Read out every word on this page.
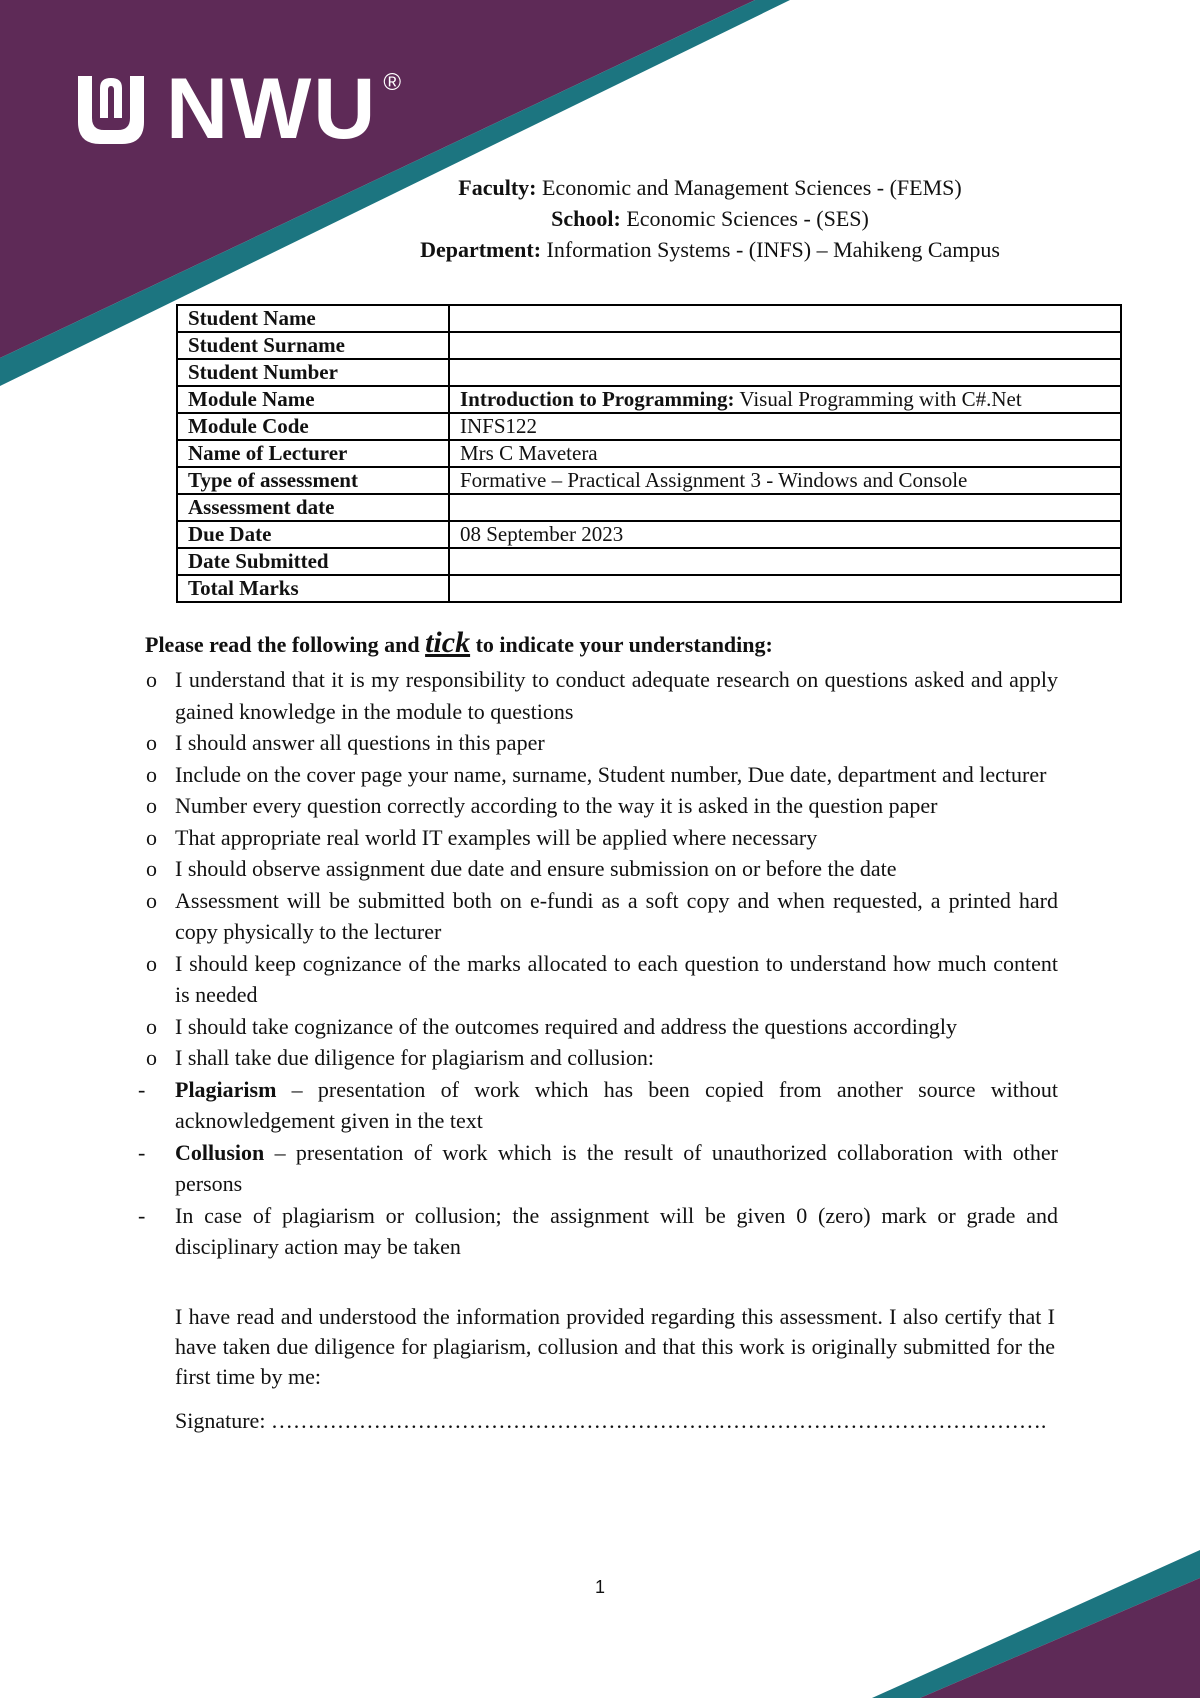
NWU ®
Faculty: Economic and Management Sciences - (FEMS)
School: Economic Sciences - (SES)
Department: Information Systems - (INFS) – Mahikeng Campus
Student Name	
Student Surname	
Student Number	
Module Name	Introduction to Programming: Visual Programming with C#.Net
Module Code	INFS122
Name of Lecturer	Mrs C Mavetera
Type of assessment	Formative – Practical Assignment 3 - Windows and Console
Assessment date	
Due Date	08 September 2023
Date Submitted	
Total Marks	
Please read the following and tick to indicate your understanding:
o I understand that it is my responsibility to conduct adequate research on questions asked and apply gained knowledge in the module to questions
o I should answer all questions in this paper
o Include on the cover page your name, surname, Student number, Due date, department and lecturer
o Number every question correctly according to the way it is asked in the question paper
o That appropriate real world IT examples will be applied where necessary
o I should observe assignment due date and ensure submission on or before the date
o Assessment will be submitted both on e-fundi as a soft copy and when requested, a printed hard copy physically to the lecturer
o I should keep cognizance of the marks allocated to each question to understand how much content is needed
o I should take cognizance of the outcomes required and address the questions accordingly
o I shall take due diligence for plagiarism and collusion:
- Plagiarism – presentation of work which has been copied from another source without acknowledgement given in the text
- Collusion – presentation of work which is the result of unauthorized collaboration with other persons
- In case of plagiarism or collusion; the assignment will be given 0 (zero) mark or grade and disciplinary action may be taken
I have read and understood the information provided regarding this assessment. I also certify that I have taken due diligence for plagiarism, collusion and that this work is originally submitted for the first time by me:
Signature: …………………………………………………………………………………………….
1
